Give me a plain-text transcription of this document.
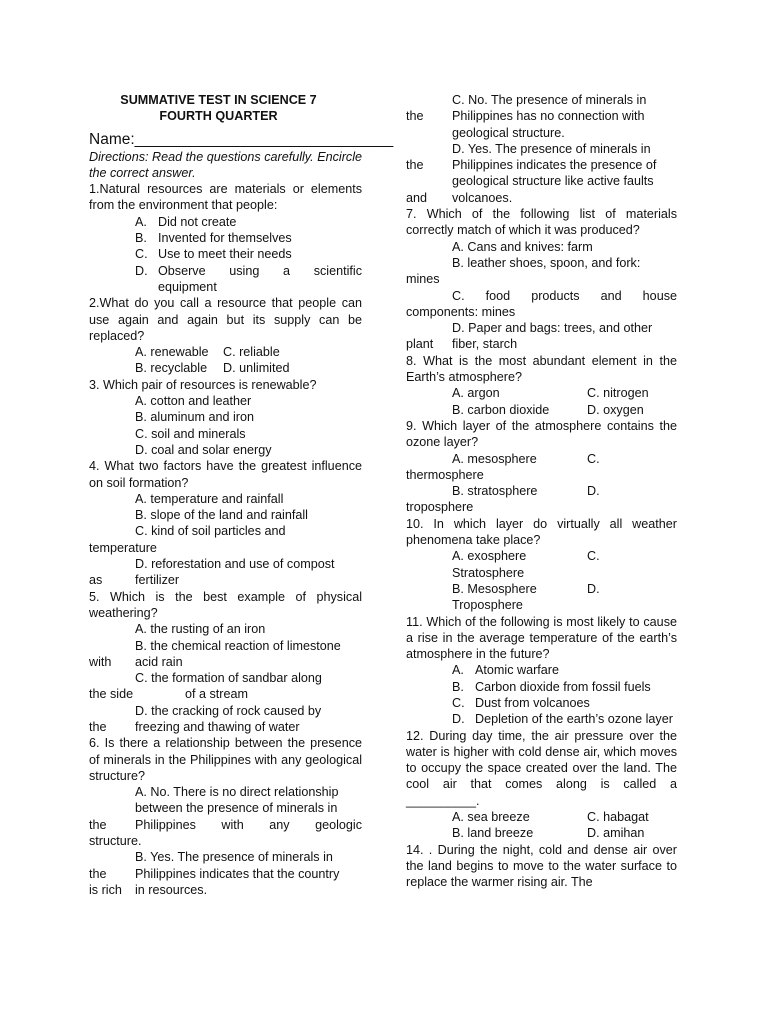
SUMMATIVE TEST IN SCIENCE 7
FOURTH QUARTER
Name:______________________________
Directions: Read the questions carefully. Encircle the correct answer.
1.Natural resources are materials or elements from the environment that people:
A. Did not create
B. Invented for themselves
C. Use to meet their needs
D. Observe using a scientific equipment
2.What do you call a resource that people can use again and again but its supply can be replaced?
A. renewable	C. reliable
B. recyclable	D. unlimited
3. Which pair of resources is renewable?
A. cotton and leather
B. aluminum and iron
C. soil and minerals
D. coal and solar energy
4. What two factors have the greatest influence on soil formation?
A. temperature and rainfall
B. slope of the land and rainfall
C. kind of soil particles and
temperature
D. reforestation and use of compost
as	fertilizer
5. Which is the best example of physical weathering?
A. the rusting of an iron
B. the chemical reaction of limestone
with	acid rain
C. the formation of sandbar along
the side	of a stream
D. the cracking of rock caused by
the	freezing and thawing of water
6. Is there a relationship between the presence of minerals in the Philippines with any geological structure?
A. No. There is no direct relationship
between the presence of minerals in
the	Philippines with any geologic
structure.
B. Yes. The presence of minerals in
the	Philippines indicates that the country
is rich	in resources.
C. No. The presence of minerals in
the	Philippines has no connection with
geological structure.
D. Yes. The presence of minerals in
the	Philippines indicates the presence of
geological structure like active faults
and	volcanoes.
7. Which of the following list of materials correctly match of which it was produced?
A. Cans and knives: farm
B. leather shoes, spoon, and fork:
mines
C. food products and house
components: mines
D. Paper and bags: trees, and other
plant	fiber, starch
8. What is the most abundant element in the Earth’s atmosphere?
A. argon	C. nitrogen
B. carbon dioxide	D. oxygen
9. Which layer of the atmosphere contains the ozone layer?
A. mesosphere	C.
thermosphere
B. stratosphere	D.
troposphere
10. In which layer do virtually all weather phenomena take place?
A. exosphere	C.
Stratosphere
B. Mesosphere	D.
Troposphere
11. Which of the following is most likely to cause a rise in the average temperature of the earth’s atmosphere in the future?
A. Atomic warfare
B. Carbon dioxide from fossil fuels
C. Dust from volcanoes
D. Depletion of the earth’s ozone layer
12. During day time, the air pressure over the water is higher with cold dense air, which moves to occupy the space created over the land. The cool air that comes along is called a __________.
A. sea breeze	C. habagat
B. land breeze	D. amihan
14. . During the night, cold and dense air over the land begins to move to the water surface to replace the warmer rising air. The
